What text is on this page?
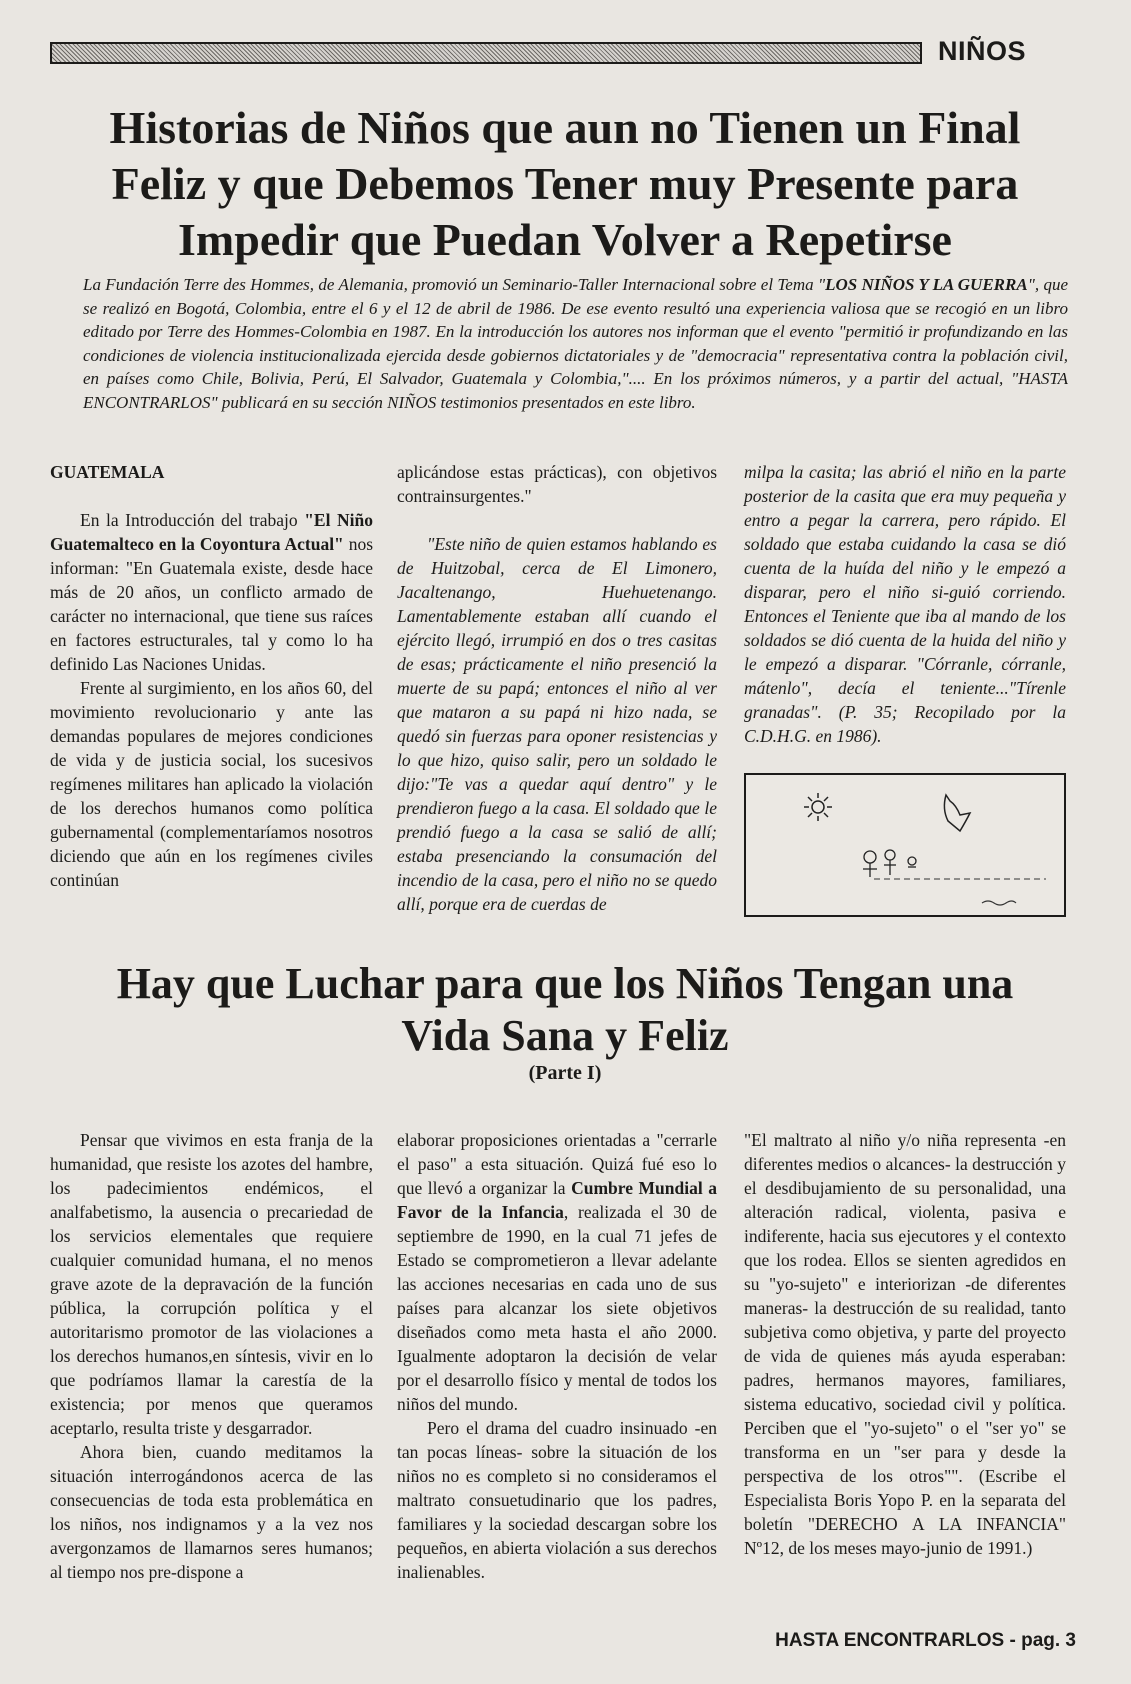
NIÑOS
Historias de Niños que aun no Tienen un Final
Feliz y que Debemos Tener muy Presente para
Impedir que Puedan Volver a Repetirse

La Fundación Terre des Hommes, de Alemania, promovió un Seminario-Taller Internacional sobre el Tema "LOS NIÑOS Y LA GUERRA", que se realizó en Bogotá, Colombia, entre el 6 y el 12 de abril de 1986. De ese evento resultó una experiencia valiosa que se recogió en un libro editado por Terre des Hommes-Colombia en 1987. En la introducción los autores nos informan que el evento "permitió ir profundizando en las condiciones de violencia institucionalizada ejercida desde gobiernos dictatoriales y de "democracia" representativa contra la población civil, en países como Chile, Bolivia, Perú, El Salvador, Guatemala y Colombia,".... En los próximos números, y a partir del actual, "HASTA ENCONTRARLOS" publicará en su sección NIÑOS testimonios presentados en este libro.

GUATEMALA

En la Introducción del trabajo "El Niño Guatemalteco en la Coyontura Actual" nos informan: "En Guatemala existe, desde hace más de 20 años, un conflicto armado de carácter no internacional, que tiene sus raíces en factores estructurales, tal y como lo ha definido Las Naciones Unidas.

Frente al surgimiento, en los años 60, del movimiento revolucionario y ante las demandas populares de mejores condiciones de vida y de justicia social, los sucesivos regímenes militares han aplicado la violación de los derechos humanos como política gubernamental (complementaríamos nosotros diciendo que aún en los regímenes civiles continúan

aplicándose estas prácticas), con objetivos contrainsurgentes."

"Este niño de quien estamos hablando es de Huitzobal, cerca de El Limonero, Jacaltenango, Huehuetenango. Lamentablemente estaban allí cuando el ejército llegó, irrumpió en dos o tres casitas de esas; prácticamente el niño presenció la muerte de su papá; entonces el niño al ver que mataron a su papá ni hizo nada, se quedó sin fuerzas para oponer resistencias y lo que hizo, quiso salir, pero un soldado le dijo:"Te vas a quedar aquí dentro" y le prendieron fuego a la casa. El soldado que le prendió fuego a la casa se salió de allí; estaba presenciando la consumación del incendio de la casa, pero el niño no se quedo allí, porque era de cuerdas de

milpa la casita; las abrió el niño en la parte posterior de la casita que era muy pequeña y entro a pegar la carrera, pero rápido. El soldado que estaba cuidando la casa se dió cuenta de la huída del niño y le empezó a disparar, pero el niño si-guió corriendo. Entonces el Teniente que iba al mando de los soldados se dió cuenta de la huida del niño y le empezó a disparar. "Córranle, córranle, mátenlo", decía el teniente..."Tírenle granadas". (P. 35; Recopilado por la C.D.H.G. en 1986).

Hay que Luchar para que los Niños Tengan una
Vida Sana y Feliz

(Parte I)

Pensar que vivimos en esta franja de la humanidad, que resiste los azotes del hambre, los padecimientos endémicos, el analfabetismo, la ausencia o precariedad de los servicios elementales que requiere cualquier comunidad humana, el no menos grave azote de la depravación de la función pública, la corrupción política y el autoritarismo promotor de las violaciones a los derechos humanos,en síntesis, vivir en lo que podríamos llamar la carestía de la existencia; por menos que queramos aceptarlo, resulta triste y desgarrador.

Ahora bien, cuando meditamos la situación interrogándonos acerca de las consecuencias de toda esta problemática en los niños, nos indignamos y a la vez nos avergonzamos de llamarnos seres humanos; al tiempo nos pre-dispone a

elaborar proposiciones orientadas a "cerrarle el paso" a esta situación. Quizá fué eso lo que llevó a organizar la Cumbre Mundial a Favor de la Infancia, realizada el 30 de septiembre de 1990, en la cual 71 jefes de Estado se comprometieron a llevar adelante las acciones necesarias en cada uno de sus países para alcanzar los siete objetivos diseñados como meta hasta el año 2000. Igualmente adoptaron la decisión de velar por el desarrollo físico y mental de todos los niños del mundo.

Pero el drama del cuadro insinuado -en tan pocas líneas- sobre la situación de los niños no es completo si no consideramos el maltrato consuetudinario que los padres, familiares y la sociedad descargan sobre los pequeños, en abierta violación a sus derechos inalienables.

"El maltrato al niño y/o niña representa -en diferentes medios o alcances- la destrucción y el desdibujamiento de su personalidad, una alteración radical, violenta, pasiva e indiferente, hacia sus ejecutores y el contexto que los rodea. Ellos se sienten agredidos en su "yo-sujeto" e interiorizan -de diferentes maneras- la destrucción de su realidad, tanto subjetiva como objetiva, y parte del proyecto de vida de quienes más ayuda esperaban: padres, hermanos mayores, familiares, sistema educativo, sociedad civil y política. Perciben que el "yo-sujeto" o el "ser yo" se transforma en un "ser para y desde la perspectiva de los otros"". (Escribe el Especialista Boris Yopo P. en la separata del boletín "DERECHO A LA INFANCIA" Nº12, de los meses mayo-junio de 1991.)

HASTA ENCONTRARLOS - pag. 3
